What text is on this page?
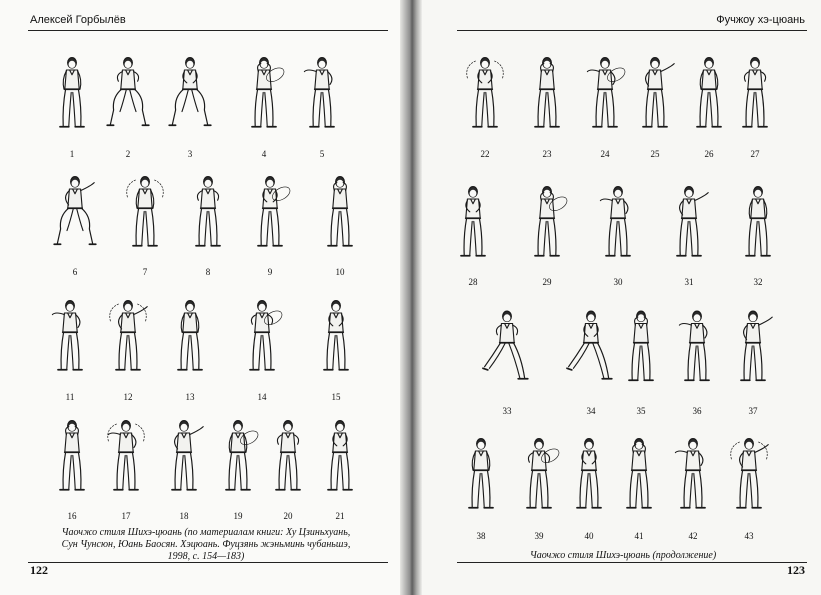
Алексей Горбылёв
1	2	3	4	5
6	7	8	9	10
11	12	13	14	15
16	17	18	19	20	21
Чаочжо стиля Шихэ-цюань (по материалам книги: Ху Цзиньхуань,
Сун Чунсюн, Юань Баосян. Хэцюань. Фуцзянь жэньминь чубаньшэ,
1998, с. 154—183)
122
Фучжоу хэ-цюань
22	23	24	25	26	27
28	29	30	31	32
33	34	35	36	37
38	39	40	41	42	43
Чаочжо стиля Шихэ-цюань (продолжение)
123
